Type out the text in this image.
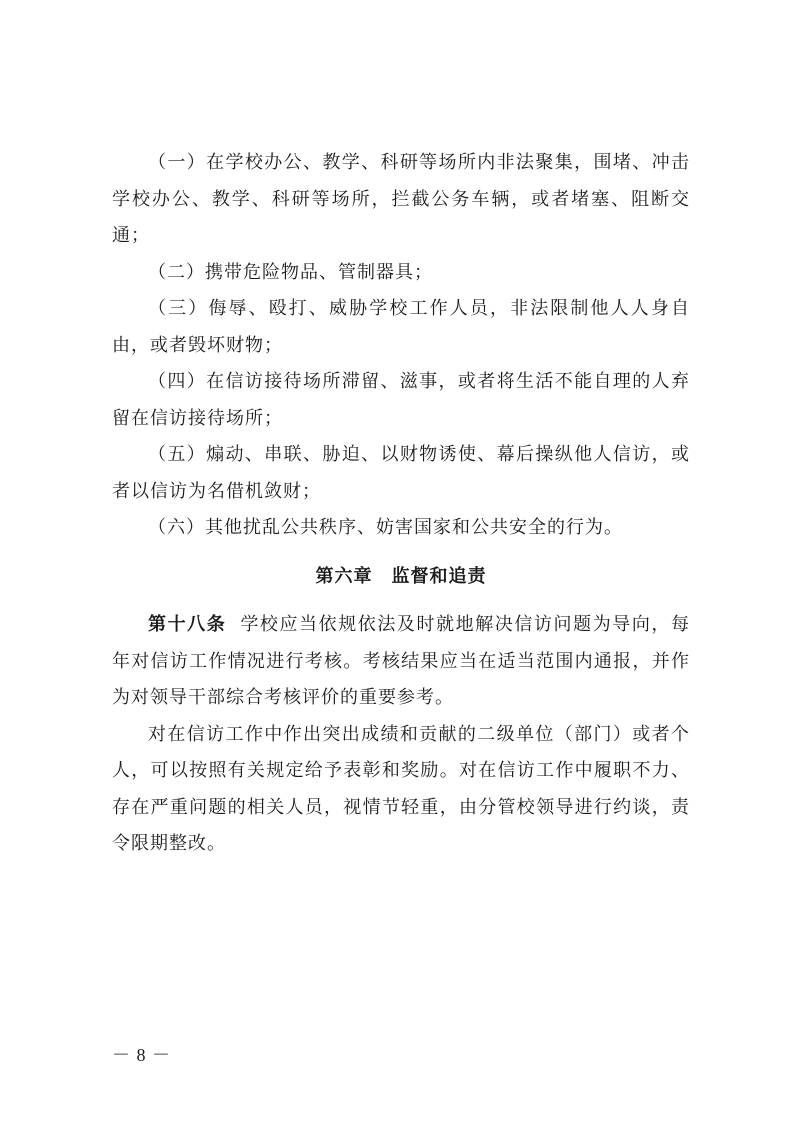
（一）在学校办公、教学、科研等场所内非法聚集，围堵、冲击学校办公、教学、科研等场所，拦截公务车辆，或者堵塞、阻断交通；

（二）携带危险物品、管制器具；

（三）侮辱、殴打、威胁学校工作人员，非法限制他人人身自由，或者毁坏财物；

（四）在信访接待场所滞留、滋事，或者将生活不能自理的人弃留在信访接待场所；

（五）煽动、串联、胁迫、以财物诱使、幕后操纵他人信访，或者以信访为名借机敛财；

（六）其他扰乱公共秩序、妨害国家和公共安全的行为。

第六章　监督和追责

第十八条 学校应当依规依法及时就地解决信访问题为导向，每年对信访工作情况进行考核。考核结果应当在适当范围内通报，并作为对领导干部综合考核评价的重要参考。

对在信访工作中作出突出成绩和贡献的二级单位（部门）或者个人，可以按照有关规定给予表彰和奖励。对在信访工作中履职不力、存在严重问题的相关人员，视情节轻重，由分管校领导进行约谈，责令限期整改。

－ 8 －
